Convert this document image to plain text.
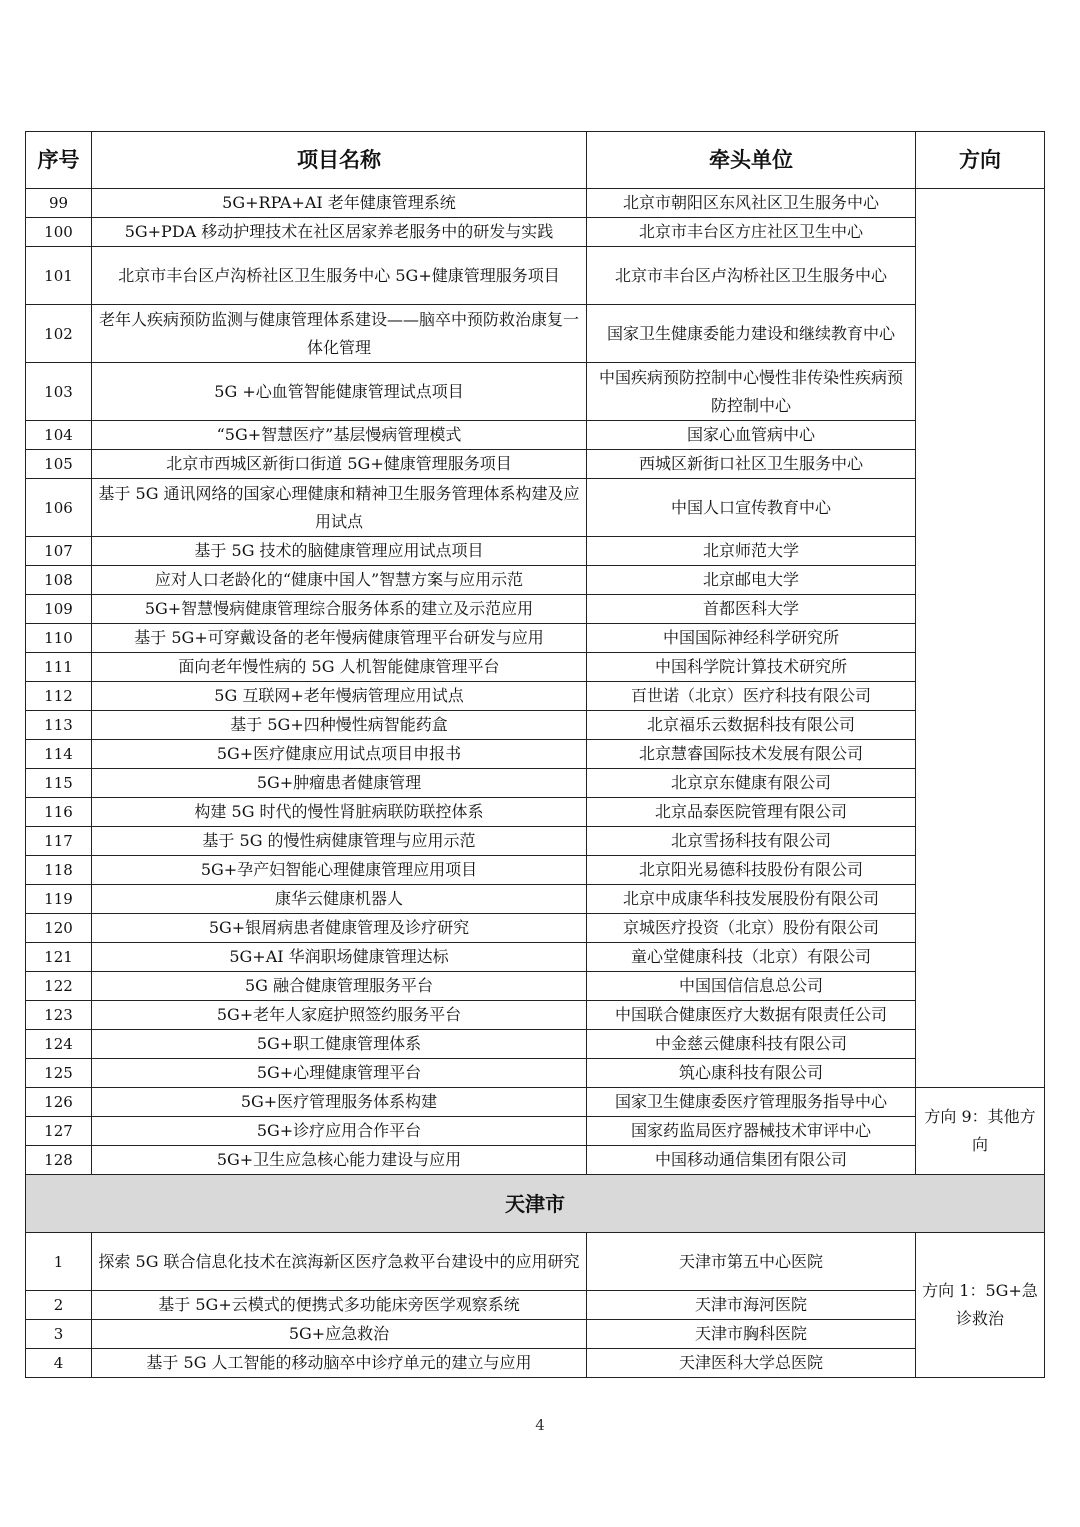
序号	项目名称	牵头单位	方向
99	5G+RPA+AI 老年健康管理系统	北京市朝阳区东风社区卫生服务中心	
100	5G+PDA 移动护理技术在社区居家养老服务中的研发与实践	北京市丰台区方庄社区卫生中心	
101	北京市丰台区卢沟桥社区卫生服务中心 5G+健康管理服务项目	北京市丰台区卢沟桥社区卫生服务中心	
102	老年人疾病预防监测与健康管理体系建设——脑卒中预防救治康复一体化管理	国家卫生健康委能力建设和继续教育中心	
103	5G +心血管智能健康管理试点项目	中国疾病预防控制中心慢性非传染性疾病预防控制中心	
104	“5G+智慧医疗”基层慢病管理模式	国家心血管病中心	
105	北京市西城区新街口街道 5G+健康管理服务项目	西城区新街口社区卫生服务中心	
106	基于 5G 通讯网络的国家心理健康和精神卫生服务管理体系构建及应用试点	中国人口宣传教育中心	
107	基于 5G 技术的脑健康管理应用试点项目	北京师范大学	
108	应对人口老龄化的“健康中国人”智慧方案与应用示范	北京邮电大学	
109	5G+智慧慢病健康管理综合服务体系的建立及示范应用	首都医科大学	
110	基于 5G+可穿戴设备的老年慢病健康管理平台研发与应用	中国国际神经科学研究所	
111	面向老年慢性病的 5G 人机智能健康管理平台	中国科学院计算技术研究所	
112	5G 互联网+老年慢病管理应用试点	百世诺（北京）医疗科技有限公司	
113	基于 5G+四种慢性病智能药盒	北京福乐云数据科技有限公司	
114	5G+医疗健康应用试点项目申报书	北京慧睿国际技术发展有限公司	
115	5G+肿瘤患者健康管理	北京京东健康有限公司	
116	构建 5G 时代的慢性肾脏病联防联控体系	北京品泰医院管理有限公司	
117	基于 5G 的慢性病健康管理与应用示范	北京雪扬科技有限公司	
118	5G+孕产妇智能心理健康管理应用项目	北京阳光易德科技股份有限公司	
119	康华云健康机器人	北京中成康华科技发展股份有限公司	
120	5G+银屑病患者健康管理及诊疗研究	京城医疗投资（北京）股份有限公司	
121	5G+AI 华润职场健康管理达标	童心堂健康科技（北京）有限公司	
122	5G 融合健康管理服务平台	中国国信信息总公司	
123	5G+老年人家庭护照签约服务平台	中国联合健康医疗大数据有限责任公司	
124	5G+职工健康管理体系	中金慈云健康科技有限公司	
125	5G+心理健康管理平台	筑心康科技有限公司	
126	5G+医疗管理服务体系构建	国家卫生健康委医疗管理服务指导中心	方向 9：其他方向
127	5G+诊疗应用合作平台	国家药监局医疗器械技术审评中心	
128	5G+卫生应急核心能力建设与应用	中国移动通信集团有限公司	
天津市			
1	探索 5G 联合信息化技术在滨海新区医疗急救平台建设中的应用研究	天津市第五中心医院	方向 1：5G+急诊救治
2	基于 5G+云模式的便携式多功能床旁医学观察系统	天津市海河医院	
3	5G+应急救治	天津市胸科医院	
4	基于 5G 人工智能的移动脑卒中诊疗单元的建立与应用	天津医科大学总医院	
4
